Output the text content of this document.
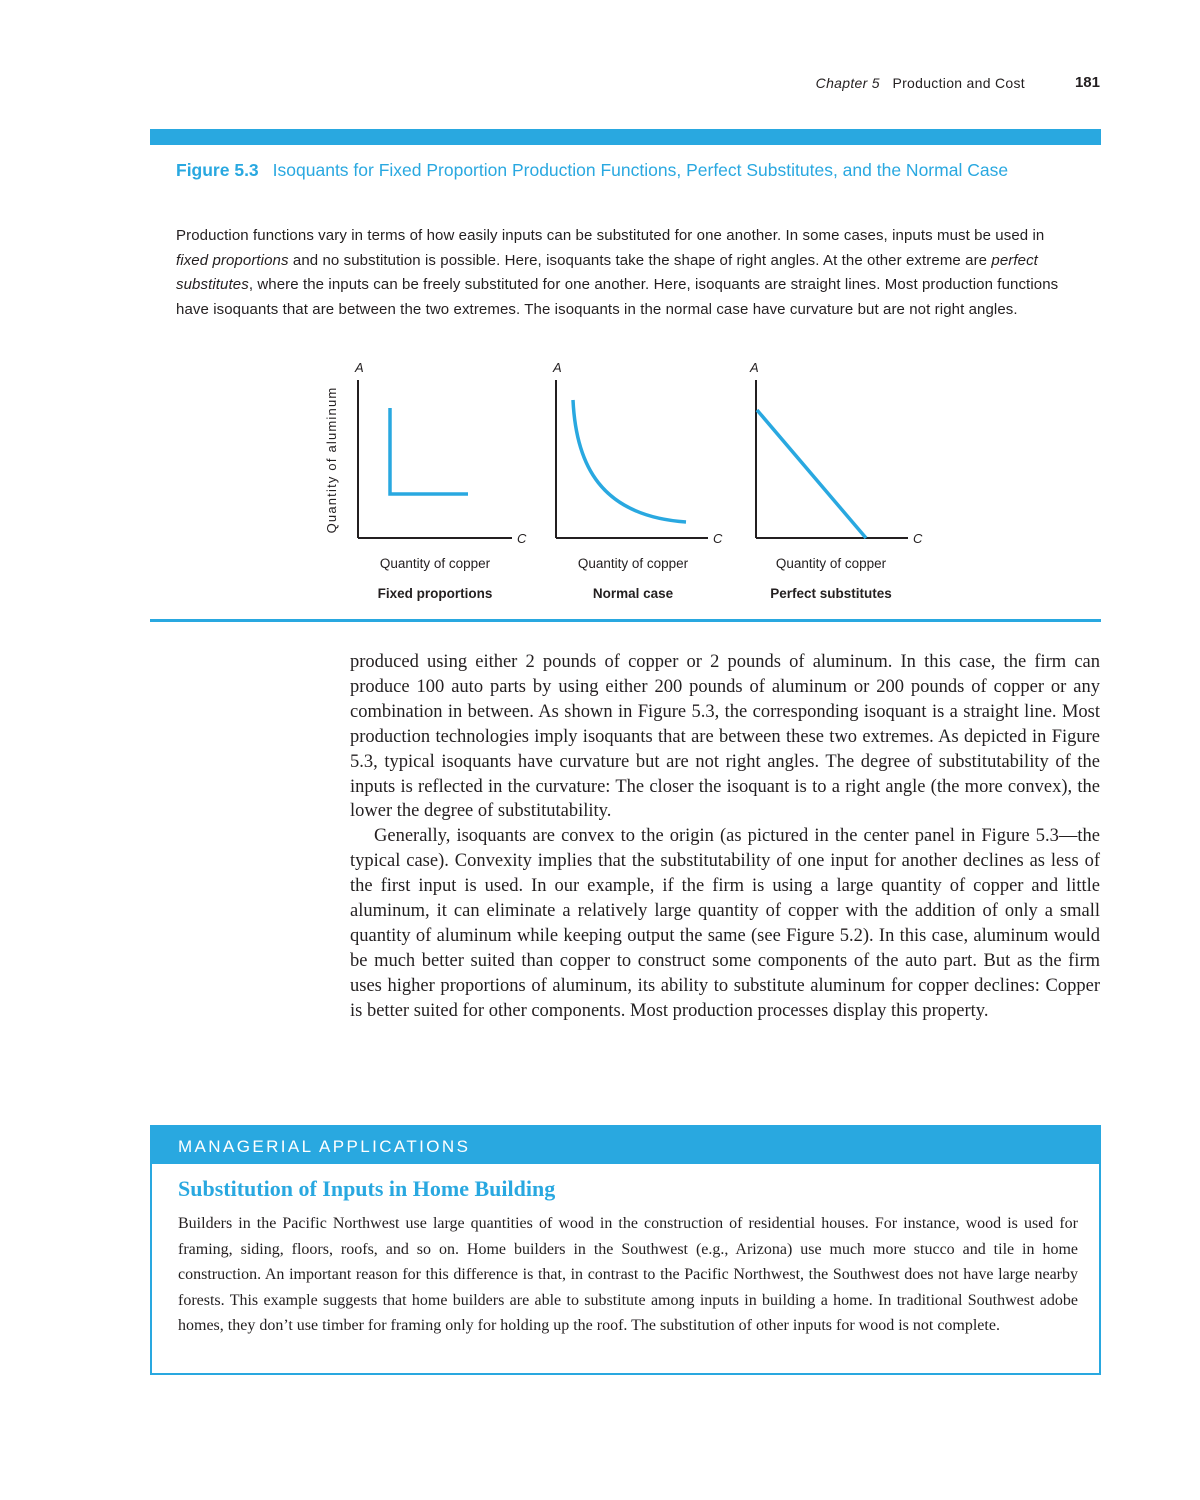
Chapter 5 Production and Cost	181
Figure 5.3 Isoquants for Fixed Proportion Production Functions, Perfect Substitutes, and the Normal Case
Production functions vary in terms of how easily inputs can be substituted for one another. In some cases, inputs must be used in fixed proportions and no substitution is possible. Here, isoquants take the shape of right angles. At the other extreme are perfect substitutes, where the inputs can be freely substituted for one another. Here, isoquants are straight lines. Most production functions have isoquants that are between the two extremes. The isoquants in the normal case have curvature but are not right angles.
Quantity of aluminum
A
C
Quantity of copper
Fixed proportions
A
C
Quantity of copper
Normal case
A
C
Quantity of copper
Perfect substitutes

produced using either 2 pounds of copper or 2 pounds of aluminum. In this case, the firm can produce 100 auto parts by using either 200 pounds of aluminum or 200 pounds of copper or any combination in between. As shown in Figure 5.3, the corresponding isoquant is a straight line. Most production technologies imply isoquants that are between these two extremes. As depicted in Figure 5.3, typical isoquants have curvature but are not right angles. The degree of substitutability of the inputs is reflected in the curvature: The closer the isoquant is to a right angle (the more convex), the lower the degree of substitutability.

Generally, isoquants are convex to the origin (as pictured in the center panel in Figure 5.3—the typical case). Convexity implies that the substitutability of one input for another declines as less of the first input is used. In our example, if the firm is using a large quantity of copper and little aluminum, it can eliminate a relatively large quantity of copper with the addition of only a small quantity of aluminum while keeping output the same (see Figure 5.2). In this case, aluminum would be much better suited than copper to construct some components of the auto part. But as the firm uses higher proportions of aluminum, its ability to substitute aluminum for copper declines: Copper is better suited for other components. Most production processes display this property.

MANAGERIAL APPLICATIONS
Substitution of Inputs in Home Building
Builders in the Pacific Northwest use large quantities of wood in the construction of residential houses. For instance, wood is used for framing, siding, floors, roofs, and so on. Home builders in the Southwest (e.g., Arizona) use much more stucco and tile in home construction. An important reason for this difference is that, in contrast to the Pacific Northwest, the Southwest does not have large nearby forests. This example suggests that home builders are able to substitute among inputs in building a home. In traditional Southwest adobe homes, they don’t use timber for framing only for holding up the roof. The substitution of other inputs for wood is not complete.
